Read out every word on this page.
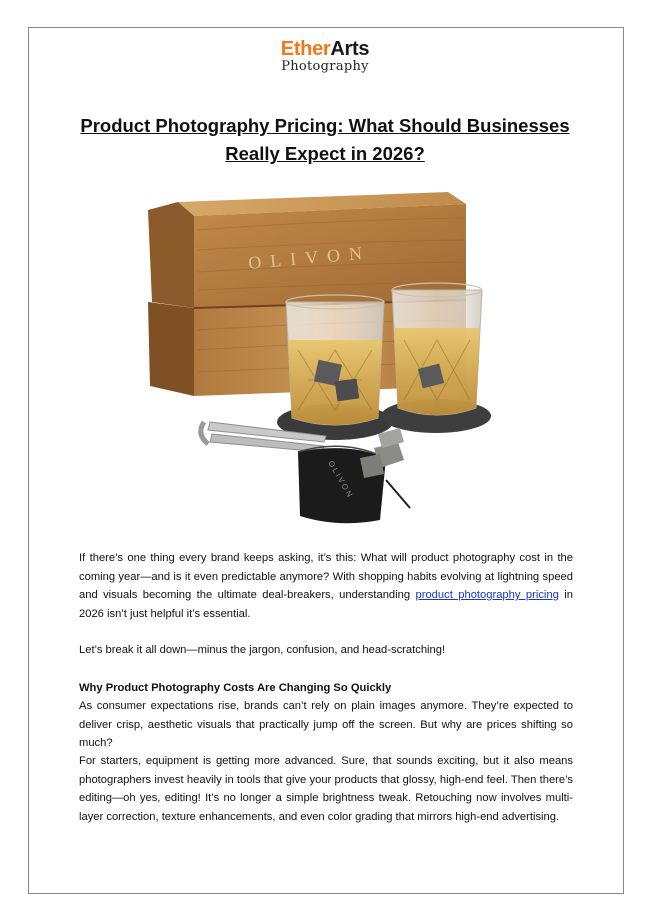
EtherArts
Photography
Product Photography Pricing: What Should Businesses Really Expect in 2026?
OLIVON
OLIVON

If there’s one thing every brand keeps asking, it’s this: What will product photography cost in the coming year—and is it even predictable anymore? With shopping habits evolving at lightning speed and visuals becoming the ultimate deal-breakers, understanding product photography pricing in 2026 isn’t just helpful it’s essential.

Let’s break it all down—minus the jargon, confusion, and head-scratching!

Why Product Photography Costs Are Changing So Quickly

As consumer expectations rise, brands can’t rely on plain images anymore. They’re expected to deliver crisp, aesthetic visuals that practically jump off the screen. But why are prices shifting so much?

For starters, equipment is getting more advanced. Sure, that sounds exciting, but it also means photographers invest heavily in tools that give your products that glossy, high-end feel. Then there’s editing—oh yes, editing! It’s no longer a simple brightness tweak. Retouching now involves multi-layer correction, texture enhancements, and even color grading that mirrors high-end advertising.
